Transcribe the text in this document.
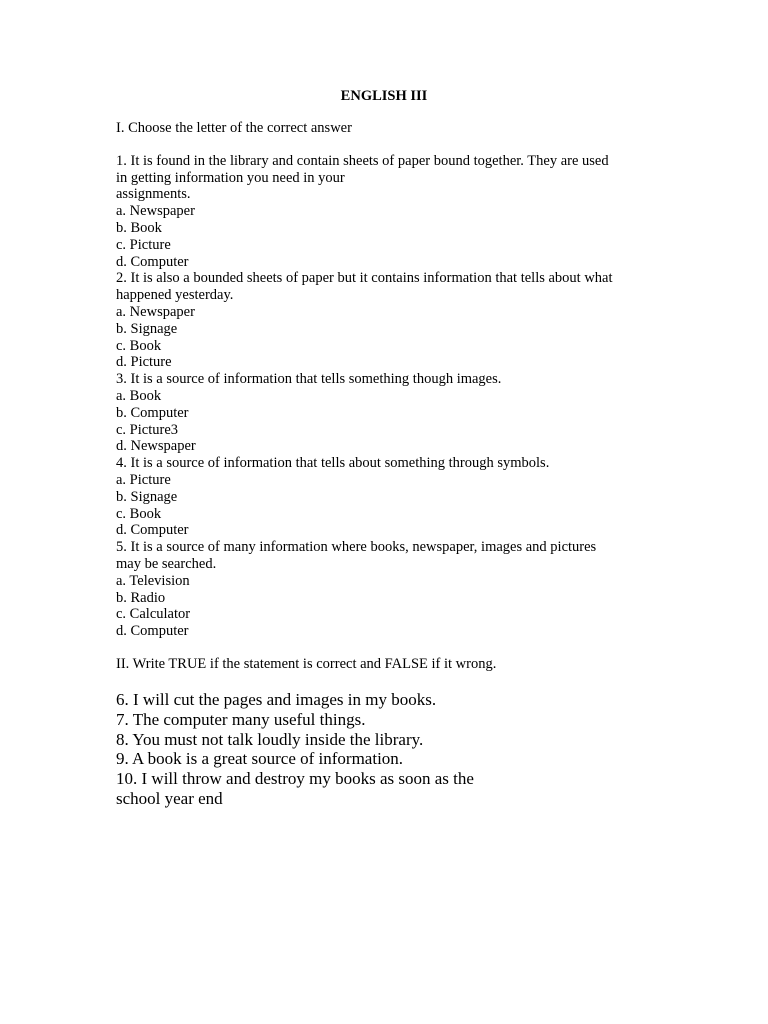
ENGLISH III
I. Choose the letter of the correct answer
1. It is found in the library and contain sheets of paper bound together. They are used
in getting information you need in your
assignments.
a. Newspaper
b. Book
c. Picture
d. Computer
2. It is also a bounded sheets of paper but it contains information that tells about what
happened yesterday.
a. Newspaper
b. Signage
c. Book
d. Picture
3. It is a source of information that tells something though images.
a. Book
b. Computer
c. Picture3
d. Newspaper
4. It is a source of information that tells about something through symbols.
a. Picture
b. Signage
c. Book
d. Computer
5. It is a source of many information where books, newspaper, images and pictures
may be searched.
a. Television
b. Radio
c. Calculator
d. Computer
II. Write TRUE if the statement is correct and FALSE if it wrong.
6. I will cut the pages and images in my books.
7. The computer many useful things.
8. You must not talk loudly inside the library.
9. A book is a great source of information.
10. I will throw and destroy my books as soon as the
school year end
